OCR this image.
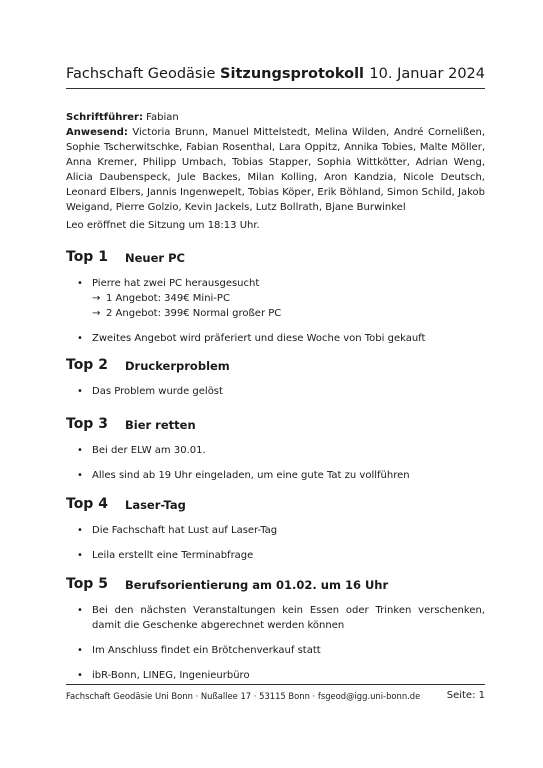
Fachschaft Geodäsie Sitzungsprotokoll 10. Januar 2024
Schriftführer: Fabian
Anwesend: Victoria Brunn, Manuel Mittelstedt, Melina Wilden, André Cornelißen, Sophie Tscherwitschke, Fabian Rosenthal, Lara Oppitz, Annika Tobies, Malte Möller, Anna Kremer, Philipp Umbach, Tobias Stapper, Sophia Wittkötter, Adrian Weng, Alicia Daubenspeck, Jule Backes, Milan Kolling, Aron Kandzia, Nicole Deutsch, Leonard Elbers, Jannis Ingenwepelt, Tobias Köper, Erik Böhland, Simon Schild, Jakob Weigand, Pierre Golzio, Kevin Jackels, Lutz Bollrath, Bjane Burwinkel
Leo eröffnet die Sitzung um 18:13 Uhr.
Top 1 Neuer PC
• Pierre hat zwei PC herausgesucht
→ 1 Angebot: 349€ Mini-PC
→ 2 Angebot: 399€ Normal großer PC
• Zweites Angebot wird präferiert und diese Woche von Tobi gekauft
Top 2 Druckerproblem
• Das Problem wurde gelöst
Top 3 Bier retten
• Bei der ELW am 30.01.
• Alles sind ab 19 Uhr eingeladen, um eine gute Tat zu vollführen
Top 4 Laser-Tag
• Die Fachschaft hat Lust auf Laser-Tag
• Leila erstellt eine Terminabfrage
Top 5 Berufsorientierung am 01.02. um 16 Uhr
• Bei den nächsten Veranstaltungen kein Essen oder Trinken verschenken, damit die Geschenke abgerechnet werden können
• Im Anschluss findet ein Brötchenverkauf statt
• ibR-Bonn, LINEG, Ingenieurbüro
Fachschaft Geodäsie Uni Bonn · Nußallee 17 · 53115 Bonn · fsgeod@igg.uni-bonn.de	Seite: 1
